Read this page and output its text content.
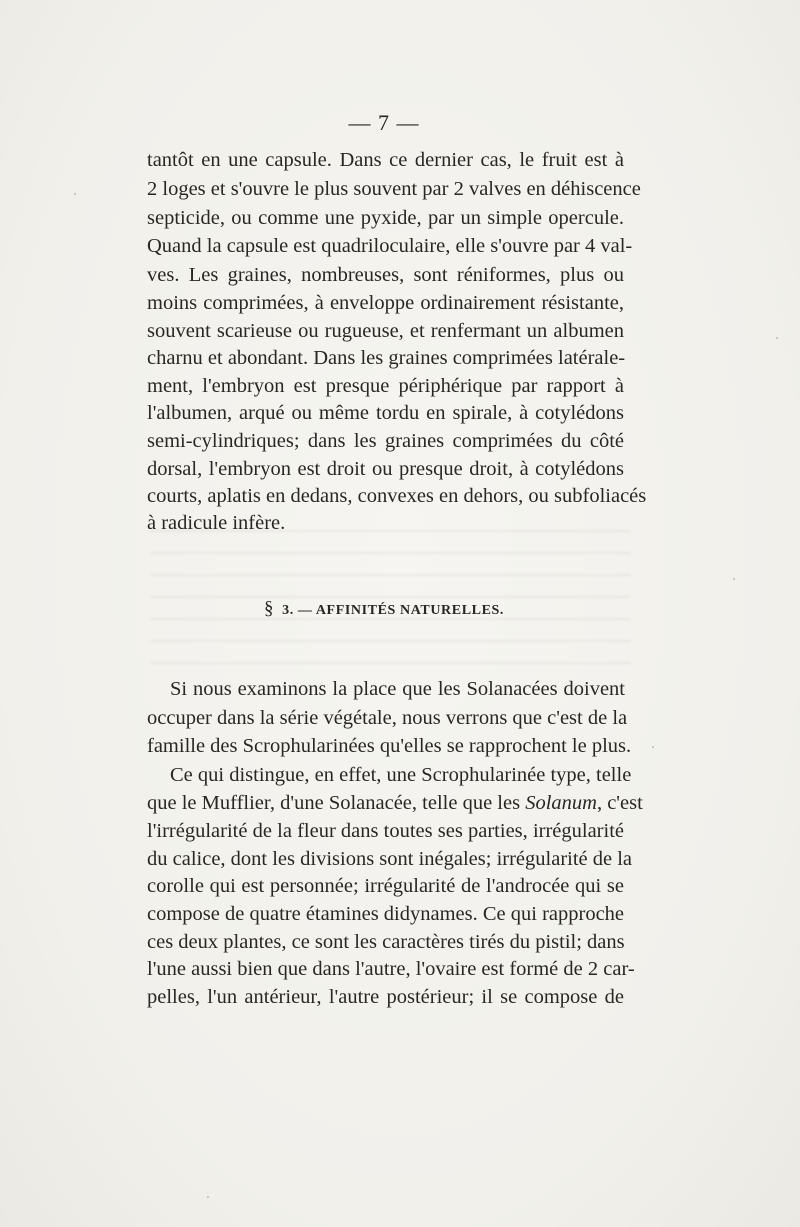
— 7 —
tantôt en une capsule. Dans ce dernier cas, le fruit est à
2 loges et s'ouvre le plus souvent par 2 valves en déhiscence
septicide, ou comme une pyxide, par un simple opercule.
Quand la capsule est quadriloculaire, elle s'ouvre par 4 val-
ves. Les graines, nombreuses, sont réniformes, plus ou
moins comprimées, à enveloppe ordinairement résistante,
souvent scarieuse ou rugueuse, et renfermant un albumen
charnu et abondant. Dans les graines comprimées latérale-
ment, l'embryon est presque périphérique par rapport à
l'albumen, arqué ou même tordu en spirale, à cotylédons
semi-cylindriques; dans les graines comprimées du côté
dorsal, l'embryon est droit ou presque droit, à cotylédons
courts, aplatis en dedans, convexes en dehors, ou subfoliacés
à radicule infère.
§ 3. — AFFINITÉS NATURELLES.
Si nous examinons la place que les Solanacées doivent
occuper dans la série végétale, nous verrons que c'est de la
famille des Scrophularinées qu'elles se rapprochent le plus.
Ce qui distingue, en effet, une Scrophularinée type, telle
que le Mufflier, d'une Solanacée, telle que les Solanum, c'est
l'irrégularité de la fleur dans toutes ses parties, irrégularité
du calice, dont les divisions sont inégales; irrégularité de la
corolle qui est personnée; irrégularité de l'androcée qui se
compose de quatre étamines didynames. Ce qui rapproche
ces deux plantes, ce sont les caractères tirés du pistil; dans
l'une aussi bien que dans l'autre, l'ovaire est formé de 2 car-
pelles, l'un antérieur, l'autre postérieur; il se compose de
